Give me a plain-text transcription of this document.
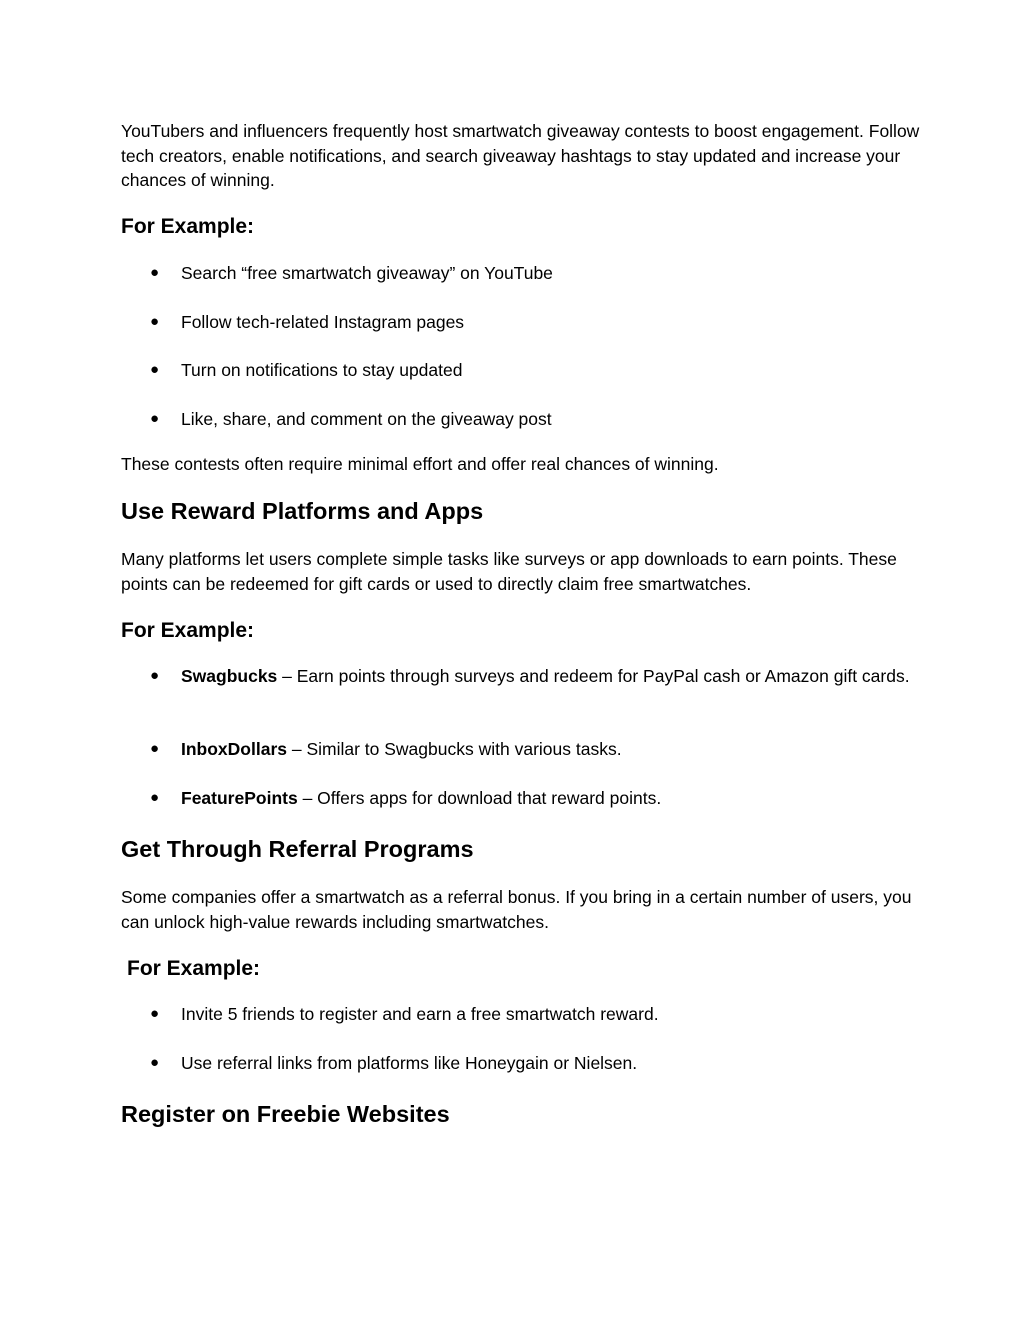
YouTubers and influencers frequently host smartwatch giveaway contests to boost engagement. Follow tech creators, enable notifications, and search giveaway hashtags to stay updated and increase your chances of winning.

For Example:
●	Search “free smartwatch giveaway” on YouTube
●	Follow tech-related Instagram pages
●	Turn on notifications to stay updated
●	Like, share, and comment on the giveaway post

These contests often require minimal effort and offer real chances of winning.

Use Reward Platforms and Apps

Many platforms let users complete simple tasks like surveys or app downloads to earn points. These points can be redeemed for gift cards or used to directly claim free smartwatches.

For Example:
●	Swagbucks – Earn points through surveys and redeem for PayPal cash or Amazon gift cards.
●	InboxDollars – Similar to Swagbucks with various tasks.
●	FeaturePoints – Offers apps for download that reward points.
Get Through Referral Programs

Some companies offer a smartwatch as a referral bonus. If you bring in a certain number of users, you can unlock high-value rewards including smartwatches.

For Example:
●	Invite 5 friends to register and earn a free smartwatch reward.
●	Use referral links from platforms like Honeygain or Nielsen.
Register on Freebie Websites
